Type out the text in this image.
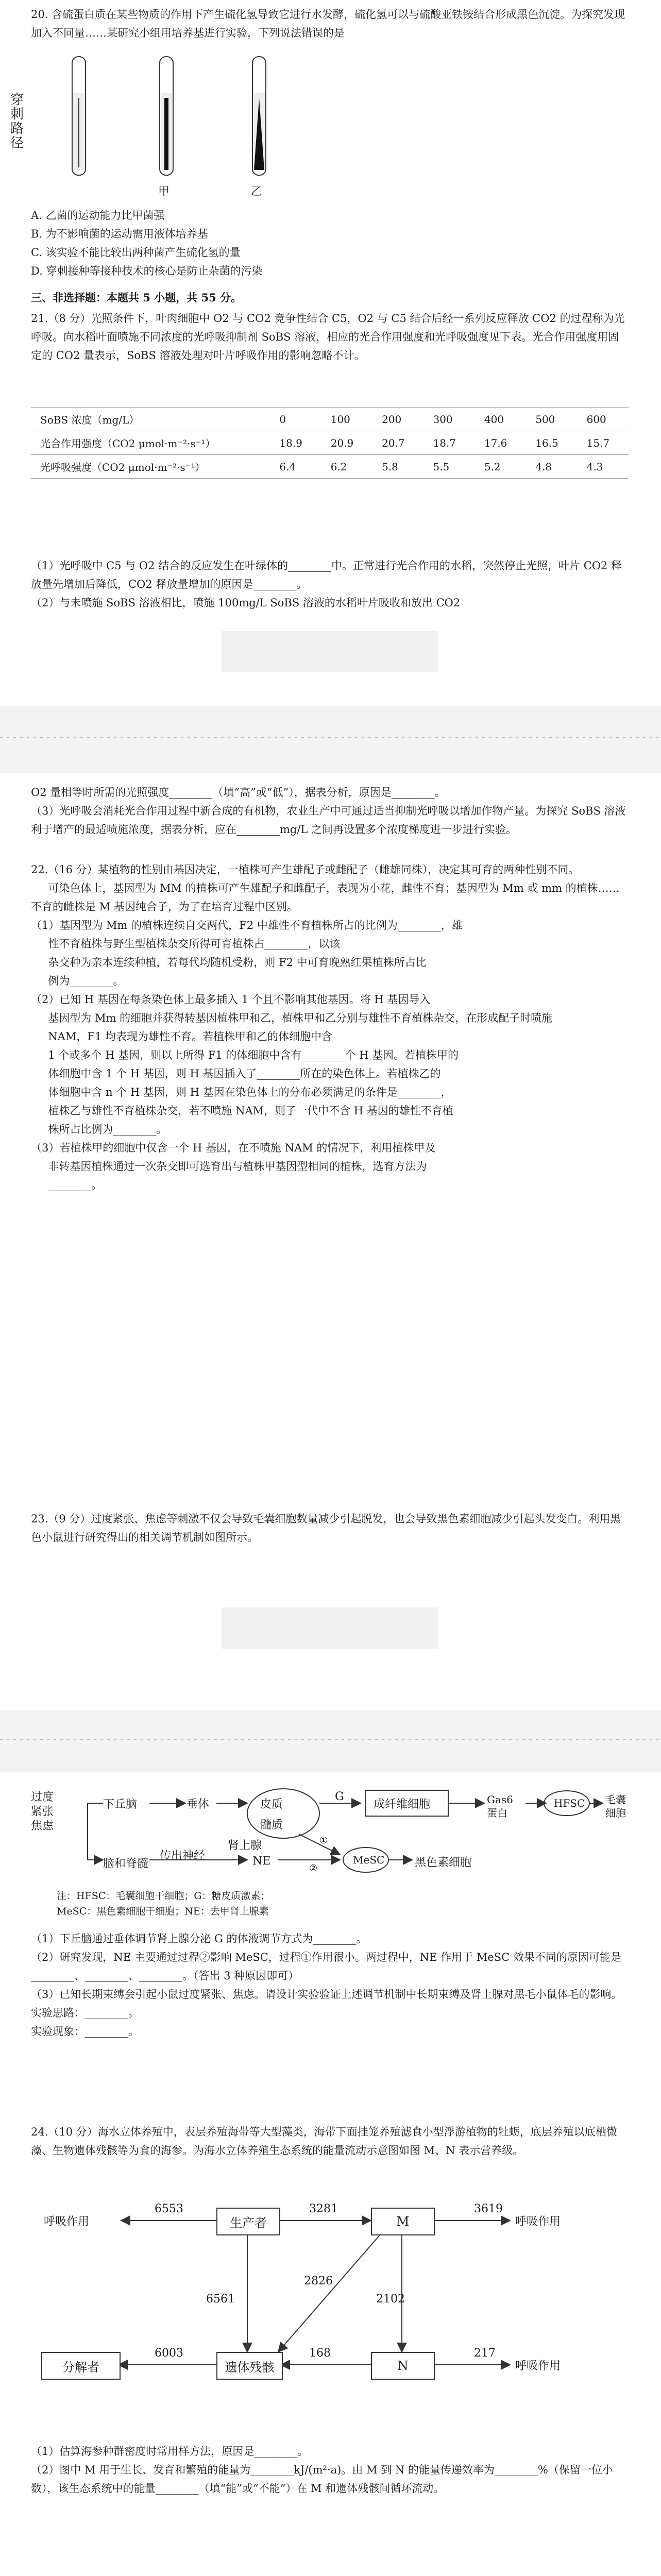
20. 含硫蛋白质在某些物质的作用下产生硫化氢导致它进行水发酵，硫化氢可以与硫酸亚铁铵结合形成黑色沉淀。为探究发现加入不同量……某研究小组用培养基进行实验，下列说法错误的是
穿刺路径
甲	乙
A. 乙菌的运动能力比甲菌强
B. 为不影响菌的运动需用液体培养基
C. 该实验不能比较出两种菌产生硫化氢的量
D. 穿刺接种等接种技术的核心是防止杂菌的污染
三、非选择题：本题共 5 小题，共 55 分。
21.（8 分）光照条件下，叶肉细胞中 O2 与 CO2 竞争性结合 C5，O2 与 C5 结合后经一系列反应释放 CO2 的过程称为光呼吸。向水稻叶面喷施不同浓度的光呼吸抑制剂 SoBS 溶液，相应的光合作用强度和光呼吸强度见下表。光合作用强度用固定的 CO2 量表示，SoBS 溶液处理对叶片呼吸作用的影响忽略不计。
SoBS 浓度（mg/L）	0	100	200	300	400	500	600
光合作用强度（CO2 μmol·m⁻²·s⁻¹）	18.9	20.9	20.7	18.7	17.6	16.5	15.7
光呼吸强度（CO2 μmol·m⁻²·s⁻¹）	6.4	6.2	5.8	5.5	5.2	4.8	4.3
（1）光呼吸中 C5 与 O2 结合的反应发生在叶绿体的________中。正常进行光合作用的水稻，突然停止光照，叶片 CO2 释放量先增加后降低，CO2 释放量增加的原因是________。
（2）与未喷施 SoBS 溶液相比，喷施 100mg/L SoBS 溶液的水稻叶片吸收和放出 CO2
O2 量相等时所需的光照强度________（填“高”或“低”），据表分析，原因是________。
（3）光呼吸会消耗光合作用过程中新合成的有机物，农业生产中可通过适当抑制光呼吸以增加作物产量。为探究 SoBS 溶液利于增产的最适喷施浓度，据表分析，应在________mg/L 之间再设置多个浓度梯度进一步进行实验。
22.（16 分）某植物的性别由基因决定，一植株可产生雄配子或雌配子（雌雄同株），决定其可育的两种性别不同。
可染色体上，基因型为 MM 的植株可产生雄配子和雌配子，表现为小花，雌性不育；基因型为 Mm 或 mm 的植株……不育的雌株是 M 基因纯合子，为了在培育过程中区别。
（1）基因型为 Mm 的植株连续自交两代，F2 中雄性不育植株所占的比例为________，雄
性不育植株与野生型植株杂交所得可育植株占________，以该
杂交种为亲本连续种植，若每代均随机受粉，则 F2 中可育晚熟红果植株所占比
例为________。
（2）已知 H 基因在每条染色体上最多插入 1 个且不影响其他基因。将 H 基因导入
基因型为 Mm 的细胞并获得转基因植株甲和乙，植株甲和乙分别与雄性不育植株杂交，在形成配子时喷施
NAM，F1 均表现为雄性不育。若植株甲和乙的体细胞中含
1 个或多个 H 基因，则以上所得 F1 的体细胞中含有________个 H 基因。若植株甲的
体细胞中含 1 个 H 基因，则 H 基因插入了________所在的染色体上。若植株乙的
体细胞中含 n 个 H 基因，则 H 基因在染色体上的分布必须满足的条件是________，
植株乙与雄性不育植株杂交，若不喷施 NAM，则子一代中不含 H 基因的雄性不育植
株所占比例为________。
（3）若植株甲的细胞中仅含一个 H 基因，在不喷施 NAM 的情况下，利用植株甲及
非转基因植株通过一次杂交即可选育出与植株甲基因型相同的植株，选育方法为
________。
23.（9 分）过度紧张、焦虑等刺激不仅会导致毛囊细胞数量减少引起脱发，也会导致黑色素细胞减少引起头发变白。利用黑色小鼠进行研究得出的相关调节机制如图所示。
①
②
过度紧张焦虑
下丘脑	垂体
肾上腺
皮质
髓质
G
成纤维细胞	Gas6蛋白
HFSC 毛囊细胞
传出神经	NE	MeSC	黑色素细胞
脑和脊髓
注：HFSC：毛囊细胞干细胞；G：糖皮质激素；
MeSC：黑色素细胞干细胞；NE：去甲肾上腺素
（1）下丘脑通过垂体调节肾上腺分泌 G 的体液调节方式为________。
（2）研究发现，NE 主要通过过程②影响 MeSC，过程①作用很小。两过程中，NE 作用于 MeSC 效果不同的原因可能是________、________、________。（答出 3 种原因即可）
（3）已知长期束缚会引起小鼠过度紧张、焦虑。请设计实验验证上述调节机制中长期束缚及肾上腺对黑毛小鼠体毛的影响。
实验思路：________。
实验现象：________。
24.（10 分）海水立体养殖中，表层养殖海带等大型藻类，海带下面挂笼养殖滤食小型浮游植物的牡蛎，底层养殖以底栖微藻、生物遗体残骸等为食的海参。为海水立体养殖生态系统的能量流动示意图如图 M、N 表示营养级。
生产者	M
遗体残骸	N
分解者
呼吸作用	呼吸作用
呼吸作用
6553	3281	3619
6561
2826
2102
6003	168	217
（1）估算海参种群密度时常用样方法，原因是________。
（2）图中 M 用于生长、发育和繁殖的能量为________kJ/(m²·a)。由 M 到 N 的能量传递效率为________%（保留一位小数），该生态系统中的能量________（填“能”或“不能”）在 M 和遗体残骸间循环流动。
